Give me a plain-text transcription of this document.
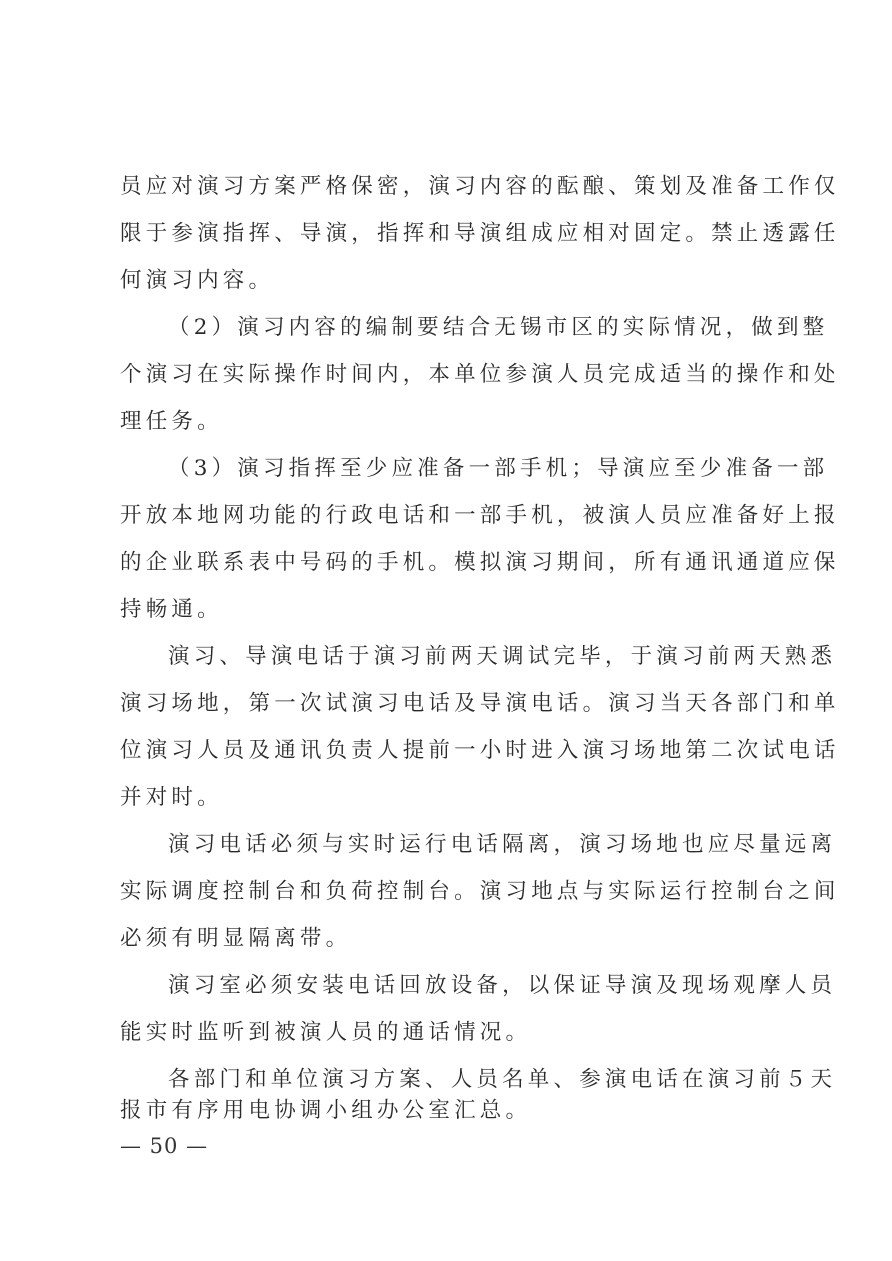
员应对演习方案严格保密，演习内容的酝酿、策划及准备工作仅
限于参演指挥、导演，指挥和导演组成应相对固定。禁止透露任
何演习内容。
（2）演习内容的编制要结合无锡市区的实际情况，做到整
个演习在实际操作时间内，本单位参演人员完成适当的操作和处
理任务。
（3）演习指挥至少应准备一部手机；导演应至少准备一部
开放本地网功能的行政电话和一部手机，被演人员应准备好上报
的企业联系表中号码的手机。模拟演习期间，所有通讯通道应保
持畅通。
演习、导演电话于演习前两天调试完毕，于演习前两天熟悉
演习场地，第一次试演习电话及导演电话。演习当天各部门和单
位演习人员及通讯负责人提前一小时进入演习场地第二次试电话
并对时。
演习电话必须与实时运行电话隔离，演习场地也应尽量远离
实际调度控制台和负荷控制台。演习地点与实际运行控制台之间
必须有明显隔离带。
演习室必须安装电话回放设备，以保证导演及现场观摩人员
能实时监听到被演人员的通话情况。
各部门和单位演习方案、人员名单、参演电话在演习前５天
报市有序用电协调小组办公室汇总。
— 50 —
